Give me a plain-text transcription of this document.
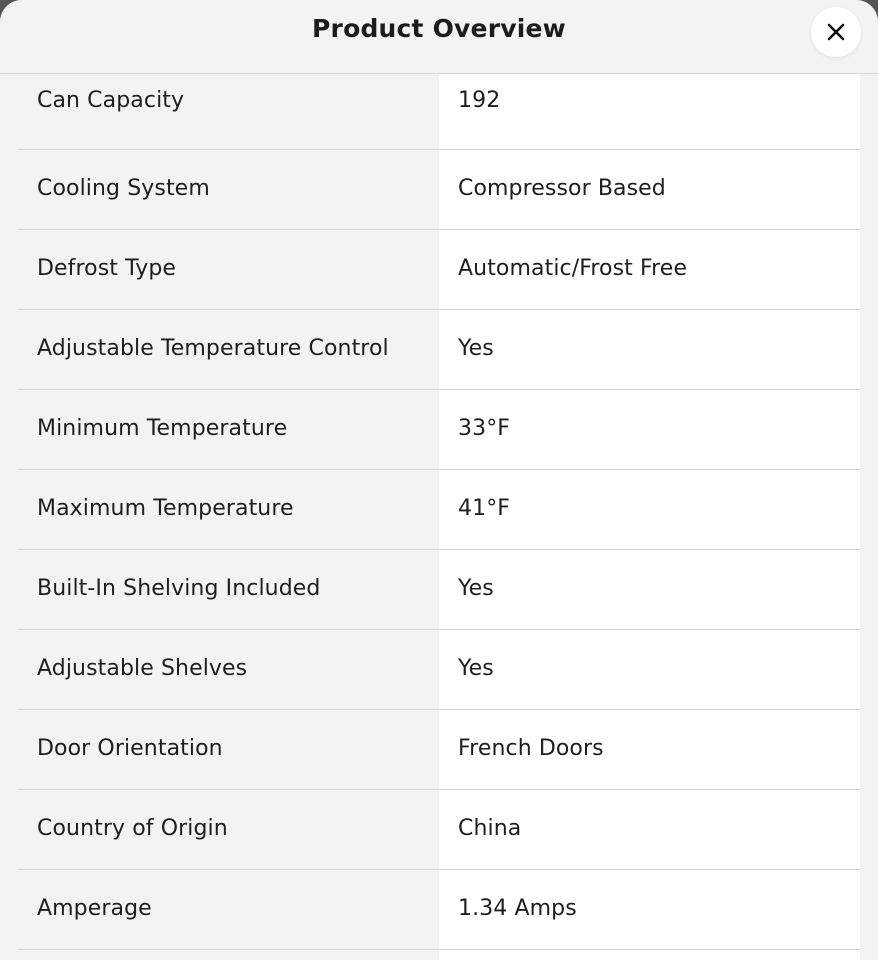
Product Overview
Can Capacity	192
Cooling System	Compressor Based
Defrost Type	Automatic/Frost Free
Adjustable Temperature Control	Yes
Minimum Temperature	33°F
Maximum Temperature	41°F
Built-In Shelving Included	Yes
Adjustable Shelves	Yes
Door Orientation	French Doors
Country of Origin	China
Amperage	1.34 Amps
